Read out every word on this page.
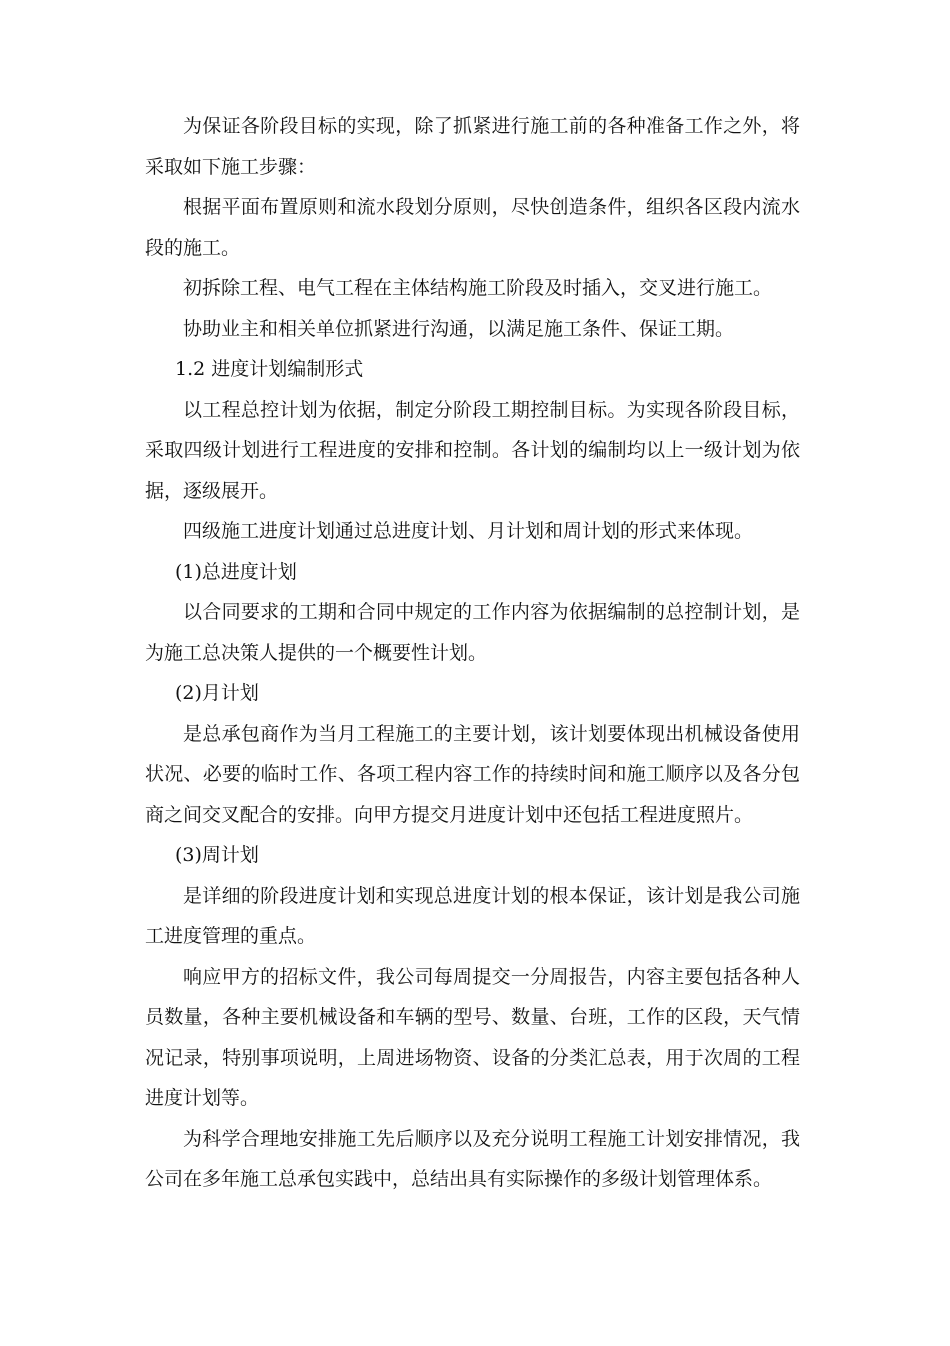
为保证各阶段目标的实现，除了抓紧进行施工前的各种准备工作之外，将采取如下施工步骤：

根据平面布置原则和流水段划分原则，尽快创造条件，组织各区段内流水段的施工。

初拆除工程、电气工程在主体结构施工阶段及时插入，交叉进行施工。

协助业主和相关单位抓紧进行沟通，以满足施工条件、保证工期。

1.2 进度计划编制形式

以工程总控计划为依据，制定分阶段工期控制目标。为实现各阶段目标，采取四级计划进行工程进度的安排和控制。各计划的编制均以上一级计划为依据，逐级展开。

四级施工进度计划通过总进度计划、月计划和周计划的形式来体现。

(1)总进度计划

以合同要求的工期和合同中规定的工作内容为依据编制的总控制计划，是为施工总决策人提供的一个概要性计划。

(2)月计划

是总承包商作为当月工程施工的主要计划，该计划要体现出机械设备使用状况、必要的临时工作、各项工程内容工作的持续时间和施工顺序以及各分包商之间交叉配合的安排。向甲方提交月进度计划中还包括工程进度照片。

(3)周计划

是详细的阶段进度计划和实现总进度计划的根本保证，该计划是我公司施工进度管理的重点。

响应甲方的招标文件，我公司每周提交一分周报告，内容主要包括各种人员数量，各种主要机械设备和车辆的型号、数量、台班，工作的区段，天气情况记录，特别事项说明，上周进场物资、设备的分类汇总表，用于次周的工程进度计划等。

为科学合理地安排施工先后顺序以及充分说明工程施工计划安排情况，我公司在多年施工总承包实践中，总结出具有实际操作的多级计划管理体系。
